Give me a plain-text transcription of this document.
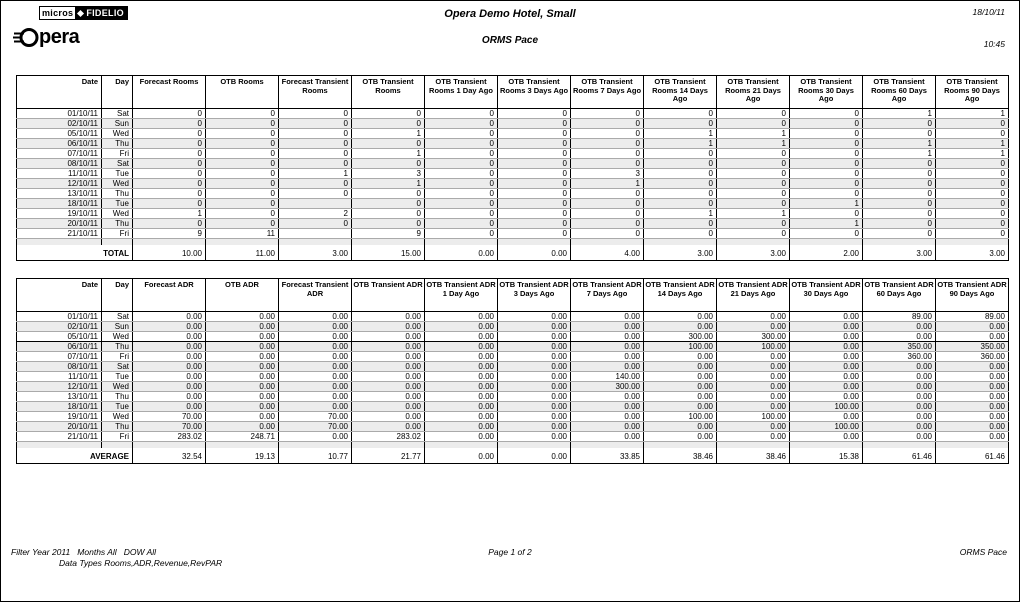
micros	FIDELIO
pera
Opera Demo Hotel, Small
ORMS Pace
18/10/11
10:45
Date	Day	Forecast Rooms	OTB Rooms	Forecast Transient Rooms	OTB Transient Rooms	OTB Transient Rooms 1 Day Ago	OTB Transient Rooms 3 Days Ago	OTB Transient Rooms 7 Days Ago	OTB Transient Rooms 14 Days Ago	OTB Transient Rooms 21 Days Ago	OTB Transient Rooms 30 Days Ago	OTB Transient Rooms 60 Days Ago	OTB Transient Rooms 90 Days Ago
01/10/11	Sat	0	0	0	0	0	0	0	0	0	0	1	1
02/10/11	Sun	0	0	0	0	0	0	0	0	0	0	0	0
05/10/11	Wed	0	0	0	1	0	0	0	1	1	0	0	0
06/10/11	Thu	0	0	0	0	0	0	0	1	1	0	1	1
07/10/11	Fri	0	0	0	1	0	0	0	0	0	0	1	1
08/10/11	Sat	0	0	0	0	0	0	0	0	0	0	0	0
11/10/11	Tue	0	0	1	3	0	0	3	0	0	0	0	0
12/10/11	Wed	0	0	0	1	0	0	1	0	0	0	0	0
13/10/11	Thu	0	0	0	0	0	0	0	0	0	0	0	0
18/10/11	Tue	0	0		0	0	0	0	0	0	1	0	0
19/10/11	Wed	1	0	2	0	0	0	0	1	1	0	0	0
20/10/11	Thu	0	0	0	0	0	0	0	0	0	1	0	0
21/10/11	Fri	9	11		9	0	0	0	0	0	0	0	0

TOTAL		10.00	11.00	3.00	15.00	0.00	0.00	4.00	3.00	3.00	2.00	3.00	3.00
Date	Day	Forecast ADR	OTB ADR	Forecast Transient ADR	OTB Transient ADR	OTB Transient ADR 1 Day Ago	OTB Transient ADR 3 Days Ago	OTB Transient ADR 7 Days Ago	OTB Transient ADR 14 Days Ago	OTB Transient ADR 21 Days Ago	OTB Transient ADR 30 Days Ago	OTB Transient ADR 60 Days Ago	OTB Transient ADR 90 Days Ago
01/10/11	Sat	0.00	0.00	0.00	0.00	0.00	0.00	0.00	0.00	0.00	0.00	89.00	89.00
02/10/11	Sun	0.00	0.00	0.00	0.00	0.00	0.00	0.00	0.00	0.00	0.00	0.00	0.00
05/10/11	Wed	0.00	0.00	0.00	0.00	0.00	0.00	0.00	300.00	300.00	0.00	0.00	0.00
06/10/11	Thu	0.00	0.00	0.00	0.00	0.00	0.00	0.00	100.00	100.00	0.00	350.00	350.00
07/10/11	Fri	0.00	0.00	0.00	0.00	0.00	0.00	0.00	0.00	0.00	0.00	360.00	360.00
08/10/11	Sat	0.00	0.00	0.00	0.00	0.00	0.00	0.00	0.00	0.00	0.00	0.00	0.00
11/10/11	Tue	0.00	0.00	0.00	0.00	0.00	0.00	140.00	0.00	0.00	0.00	0.00	0.00
12/10/11	Wed	0.00	0.00	0.00	0.00	0.00	0.00	300.00	0.00	0.00	0.00	0.00	0.00
13/10/11	Thu	0.00	0.00	0.00	0.00	0.00	0.00	0.00	0.00	0.00	0.00	0.00	0.00
18/10/11	Tue	0.00	0.00	0.00	0.00	0.00	0.00	0.00	0.00	0.00	100.00	0.00	0.00
19/10/11	Wed	70.00	0.00	70.00	0.00	0.00	0.00	0.00	100.00	100.00	0.00	0.00	0.00
20/10/11	Thu	70.00	0.00	70.00	0.00	0.00	0.00	0.00	0.00	0.00	100.00	0.00	0.00
21/10/11	Fri	283.02	248.71	0.00	283.02	0.00	0.00	0.00	0.00	0.00	0.00	0.00	0.00

AVERAGE		32.54	19.13	10.77	21.77	0.00	0.00	33.85	38.46	38.46	15.38	61.46	61.46
Filter Year 2011   Months All   DOW All
Data Types Rooms,ADR,Revenue,RevPAR
Page 1 of 2	ORMS Pace
